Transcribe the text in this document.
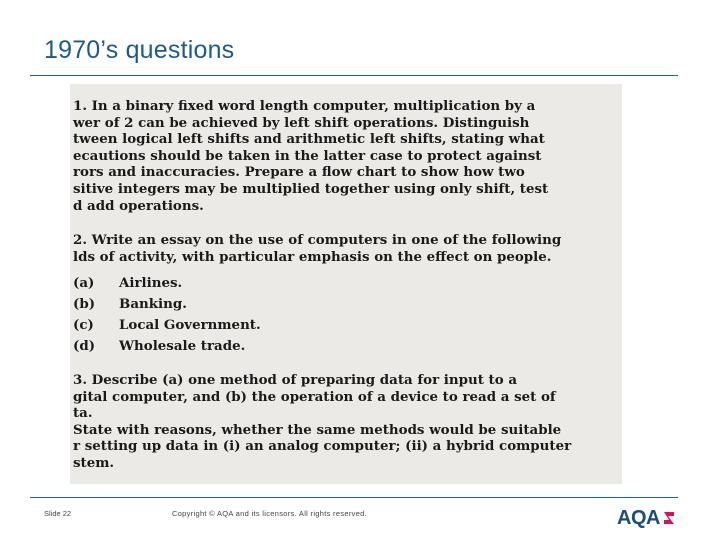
1970’s questions
1. In a binary fixed word length computer, multiplication by a
wer of 2 can be achieved by left shift operations. Distinguish
tween logical left shifts and arithmetic left shifts, stating what
ecautions should be taken in the latter case to protect against
rors and inaccuracies. Prepare a flow chart to show how two
sitive integers may be multiplied together using only shift, test
d add operations.
2. Write an essay on the use of computers in one of the following
lds of activity, with particular emphasis on the effect on people.
(a) Airlines.
(b) Banking.
(c) Local Government.
(d) Wholesale trade.
3. Describe (a) one method of preparing data for input to a
gital computer, and (b) the operation of a device to read a set of
ta.
State with reasons, whether the same methods would be suitable
r setting up data in (i) an analog computer; (ii) a hybrid computer
stem.
Slide 22	Copyright © AQA and its licensors. All rights reserved.	AQA
